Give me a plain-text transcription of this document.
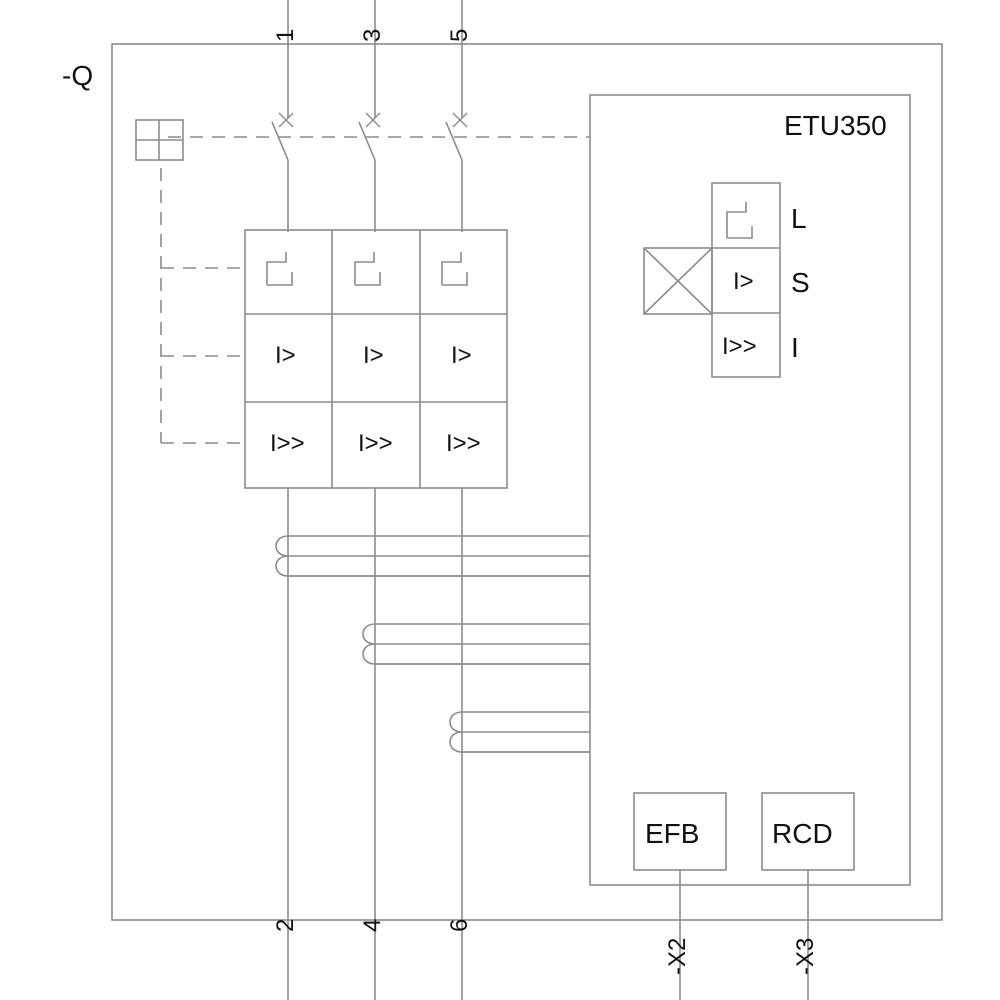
-Q
ETU350
1	3	5
2	4	6
-X2	-X3
I>	I>	I>
I>> I>> I>>
I>
I>>
L
S
I
EFB	RCD
